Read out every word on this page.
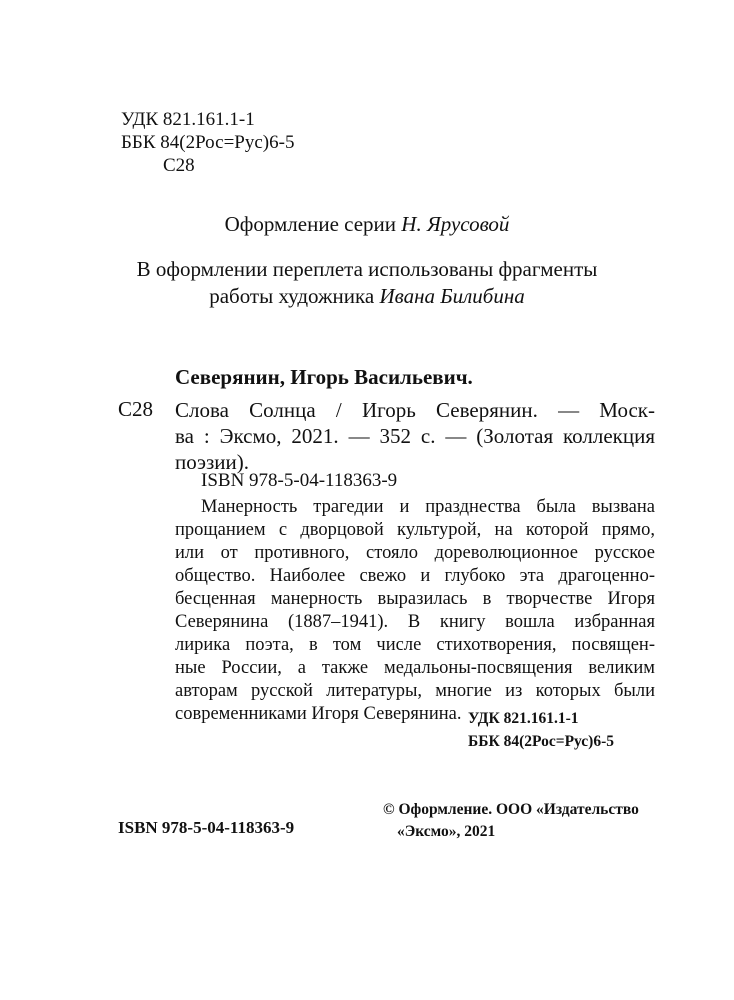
УДК 821.161.1-1
ББК 84(2Рос=Рус)6-5
С28
Оформление серии Н. Ярусовой
В оформлении переплета использованы фрагменты
работы художника Ивана Билибина
Северянин, Игорь Васильевич.
С28 Слова Солнца / Игорь Северянин. — Моск-
ва : Эксмо, 2021. — 352 с. — (Золотая коллекция
поэзии).
ISBN 978-5-04-118363-9
Манерность трагедии и празднества была вызвана
прощанием с дворцовой культурой, на которой прямо,
или от противного, стояло дореволюционное русское
общество. Наиболее свежо и глубоко эта драгоценно-
бесценная манерность выразилась в творчестве Игоря
Северянина (1887–1941). В книгу вошла избранная
лирика поэта, в том числе стихотворения, посвящен-
ные России, а также медальоны-посвящения великим
авторам русской литературы, многие из которых были
современниками Игоря Северянина. УДК 821.161.1-1
ББК 84(2Рос=Рус)6-5
ISBN 978-5-04-118363-9
© Оформление. ООО «Издательство
«Эксмо», 2021
